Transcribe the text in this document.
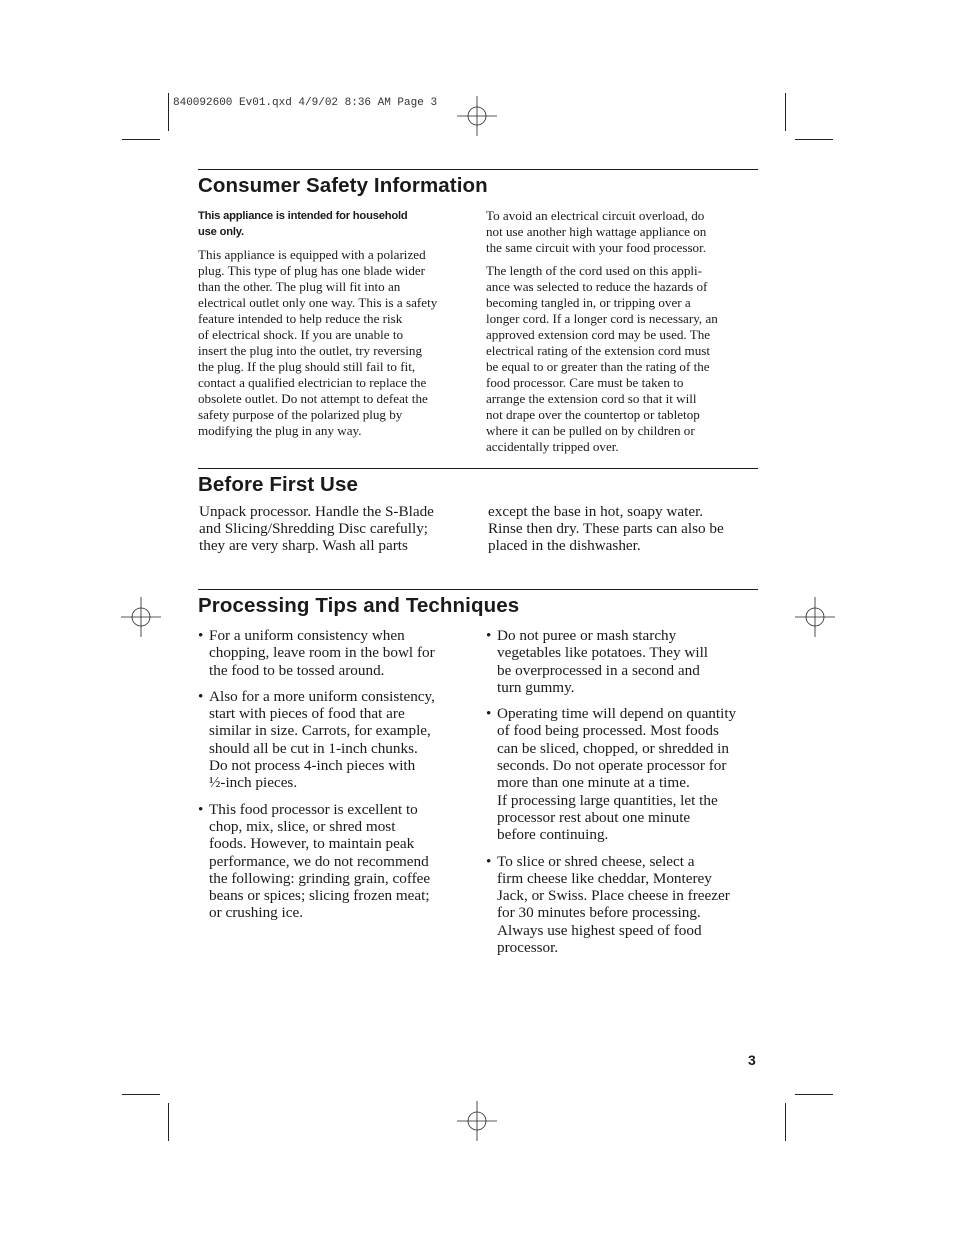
840092600 Ev01.qxd 4/9/02 8:36 AM Page 3
Consumer Safety Information

This appliance is intended for household
use only.

This appliance is equipped with a polarized
plug. This type of plug has one blade wider
than the other. The plug will fit into an
electrical outlet only one way. This is a safety
feature intended to help reduce the risk
of electrical shock. If you are unable to
insert the plug into the outlet, try reversing
the plug. If the plug should still fail to fit,
contact a qualified electrician to replace the
obsolete outlet. Do not attempt to defeat the
safety purpose of the polarized plug by
modifying the plug in any way.

To avoid an electrical circuit overload, do
not use another high wattage appliance on
the same circuit with your food processor.

The length of the cord used on this appli-
ance was selected to reduce the hazards of
becoming tangled in, or tripping over a
longer cord. If a longer cord is necessary, an
approved extension cord may be used. The
electrical rating of the extension cord must
be equal to or greater than the rating of the
food processor. Care must be taken to
arrange the extension cord so that it will
not drape over the countertop or tabletop
where it can be pulled on by children or
accidentally tripped over.

Before First Use

Unpack processor. Handle the S-Blade
and Slicing/Shredding Disc carefully;
they are very sharp. Wash all parts

except the base in hot, soapy water.
Rinse then dry. These parts can also be
placed in the dishwasher.

Processing Tips and Techniques
• For a uniform consistency when
chopping, leave room in the bowl for
the food to be tossed around.
• Also for a more uniform consistency,
start with pieces of food that are
similar in size. Carrots, for example,
should all be cut in 1-inch chunks.
Do not process 4-inch pieces with
½-inch pieces.
• This food processor is excellent to
chop, mix, slice, or shred most
foods. However, to maintain peak
performance, we do not recommend
the following: grinding grain, coffee
beans or spices; slicing frozen meat;
or crushing ice.
• Do not puree or mash starchy
vegetables like potatoes. They will
be overprocessed in a second and
turn gummy.
• Operating time will depend on quantity
of food being processed. Most foods
can be sliced, chopped, or shredded in
seconds. Do not operate processor for
more than one minute at a time.
If processing large quantities, let the
processor rest about one minute
before continuing.
• To slice or shred cheese, select a
firm cheese like cheddar, Monterey
Jack, or Swiss. Place cheese in freezer
for 30 minutes before processing.
Always use highest speed of food
processor.
3
